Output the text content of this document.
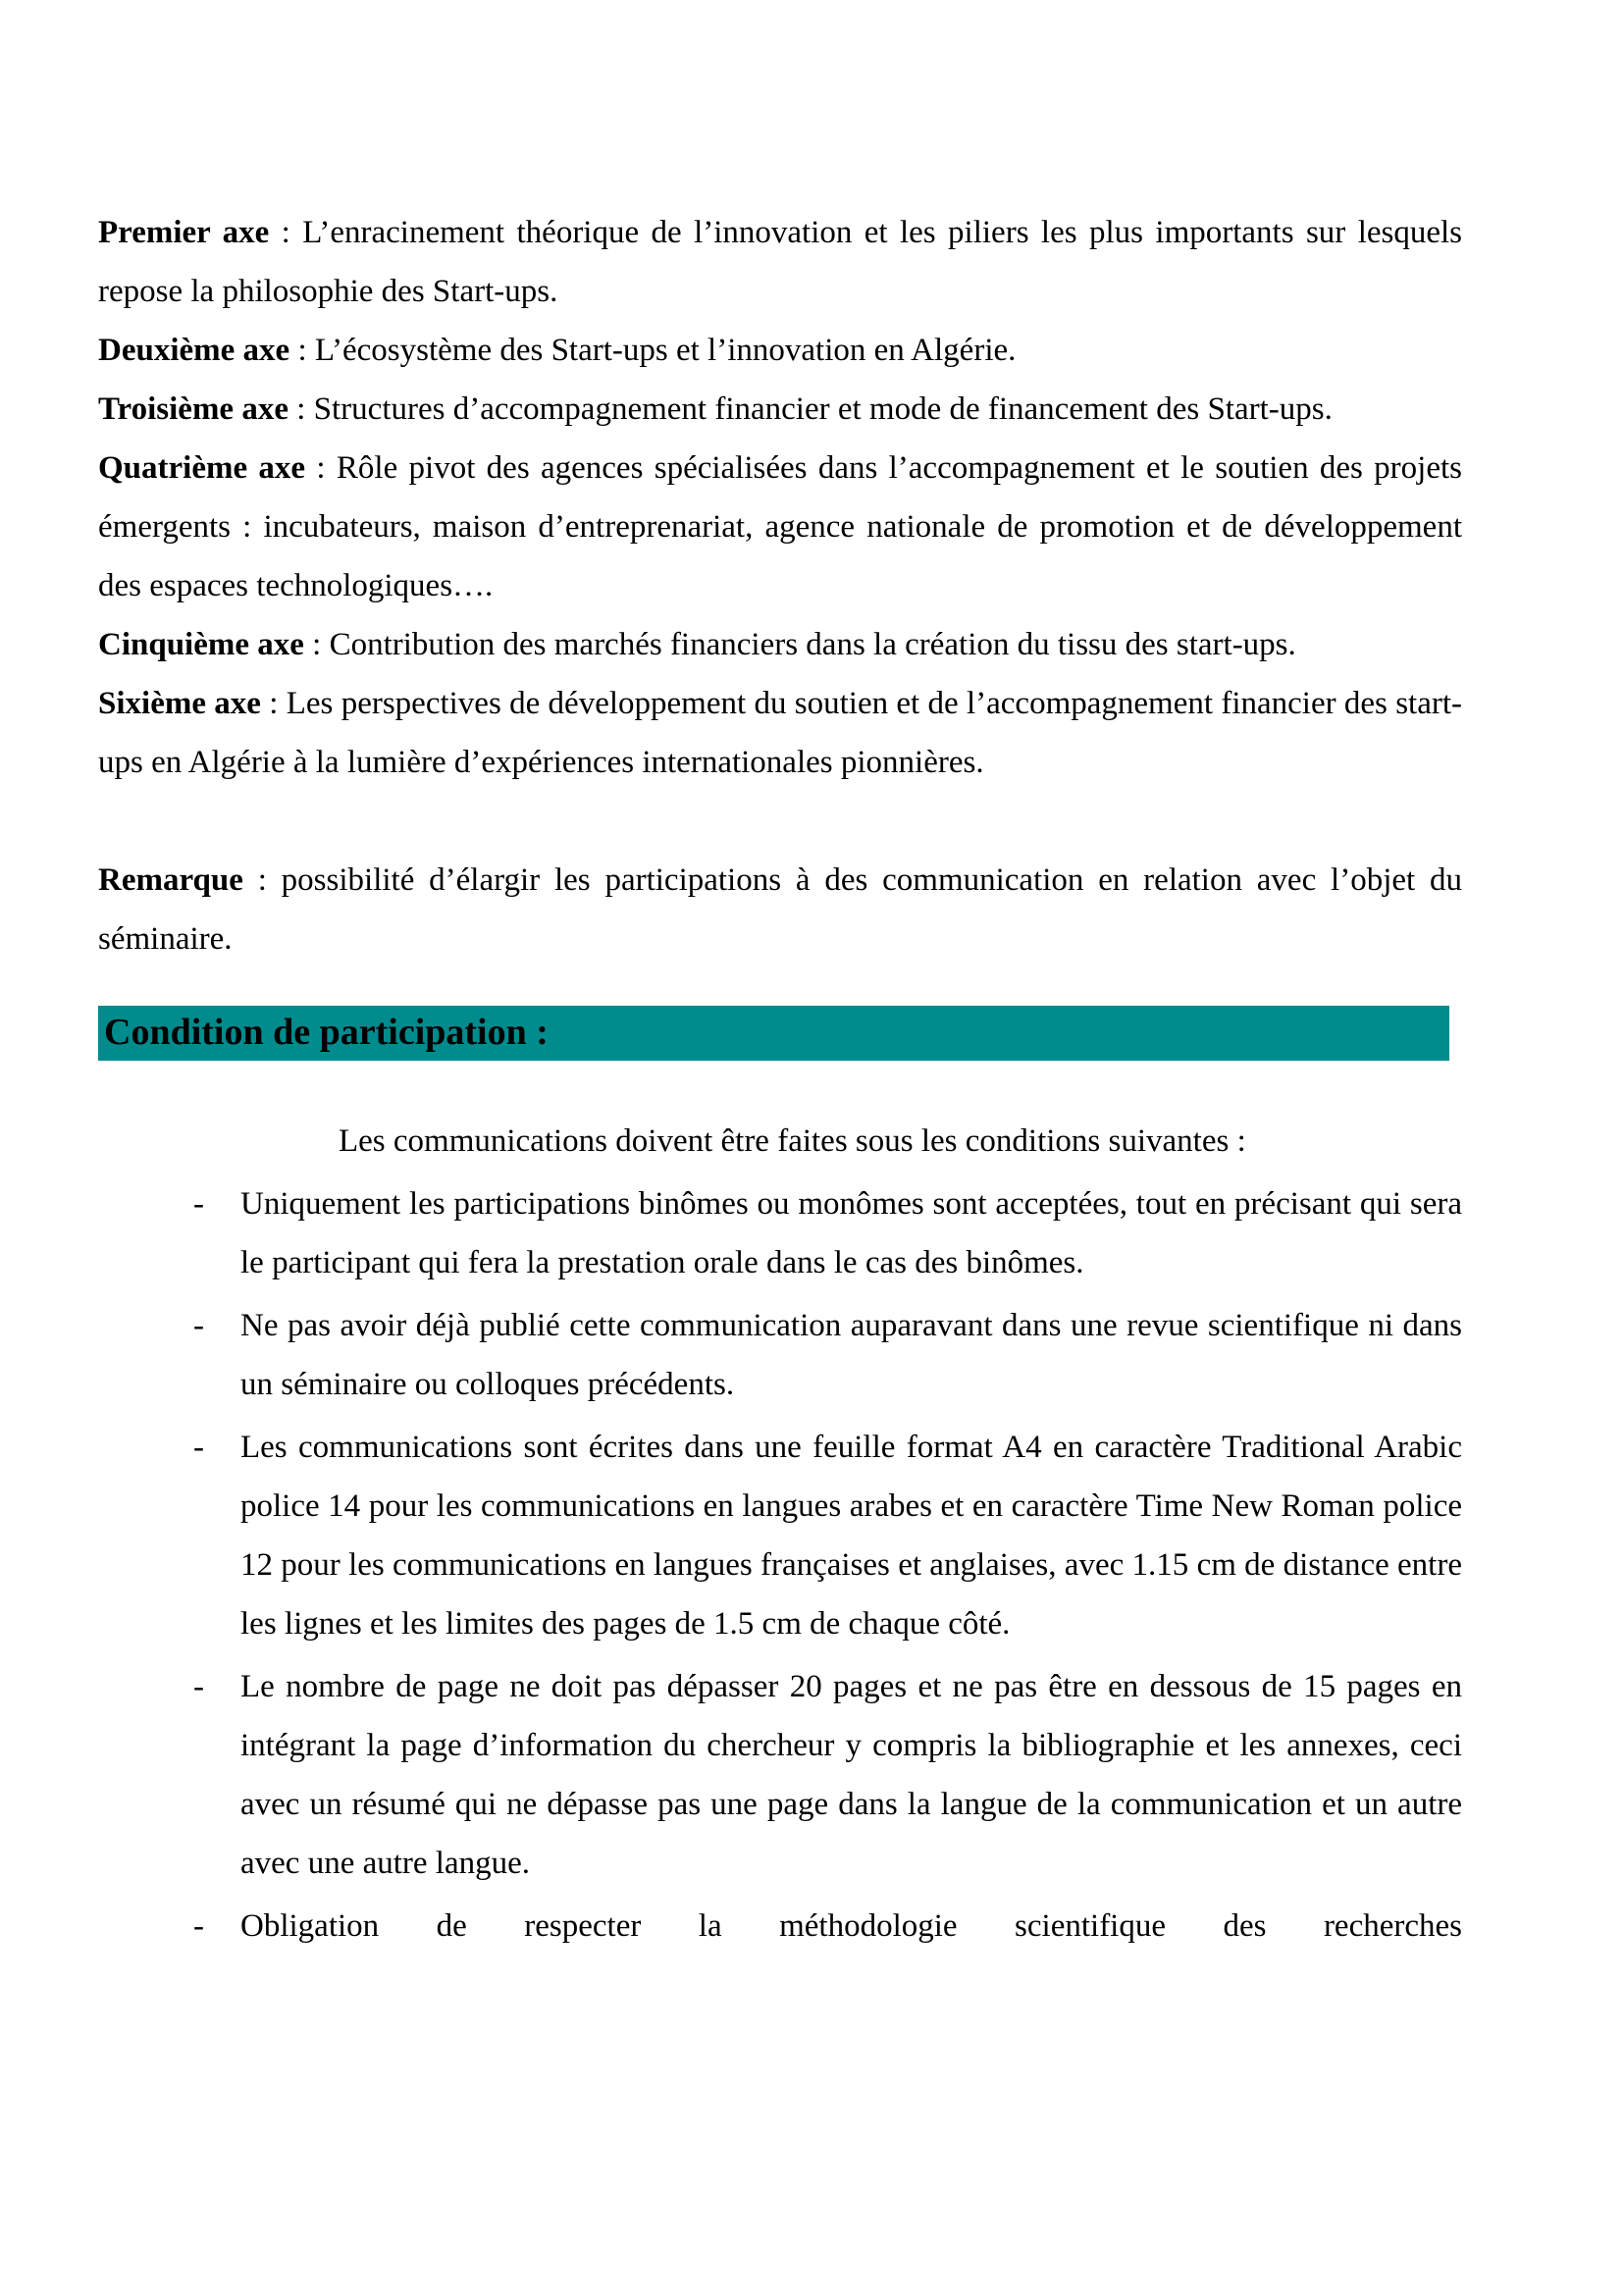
Premier axe : L’enracinement théorique de l’innovation et les piliers les plus importants sur lesquels repose la philosophie des Start-ups.

Deuxième axe : L’écosystème des Start-ups et l’innovation en Algérie.

Troisième axe : Structures d’accompagnement financier et mode de financement des Start-ups.

Quatrième axe : Rôle pivot des agences spécialisées dans l’accompagnement et le soutien des projets émergents : incubateurs, maison d’entreprenariat, agence nationale de promotion et de développement des espaces technologiques….

Cinquième axe : Contribution des marchés financiers dans la création du tissu des start-ups.

Sixième axe : Les perspectives de développement du soutien et de l’accompagnement financier des start-ups en Algérie à la lumière d’expériences internationales pionnières.

Remarque : possibilité d’élargir les participations à des communication en relation avec l’objet du séminaire.

Condition de participation :
Les communications doivent être faites sous les conditions suivantes :
-	Uniquement les participations binômes ou monômes sont acceptées, tout en précisant qui sera le participant qui fera la prestation orale dans le cas des binômes.
-	Ne pas avoir déjà publié cette communication auparavant dans une revue scientifique ni dans un séminaire ou colloques précédents.
-	Les communications sont écrites dans une feuille format A4 en caractère Traditional Arabic police 14 pour les communications en langues arabes et en caractère Time New Roman police 12 pour les communications en langues françaises et anglaises, avec 1.15 cm de distance entre les lignes et les limites des pages de 1.5 cm de chaque côté.
-	Le nombre de page ne doit pas dépasser 20 pages et ne pas être en dessous de 15 pages en intégrant la page d’information du chercheur y compris la bibliographie et les annexes, ceci avec un résumé qui ne dépasse pas une page dans la langue de la communication et un autre avec une autre langue.
-	Obligation de respecter la méthodologie scientifique des recherches
